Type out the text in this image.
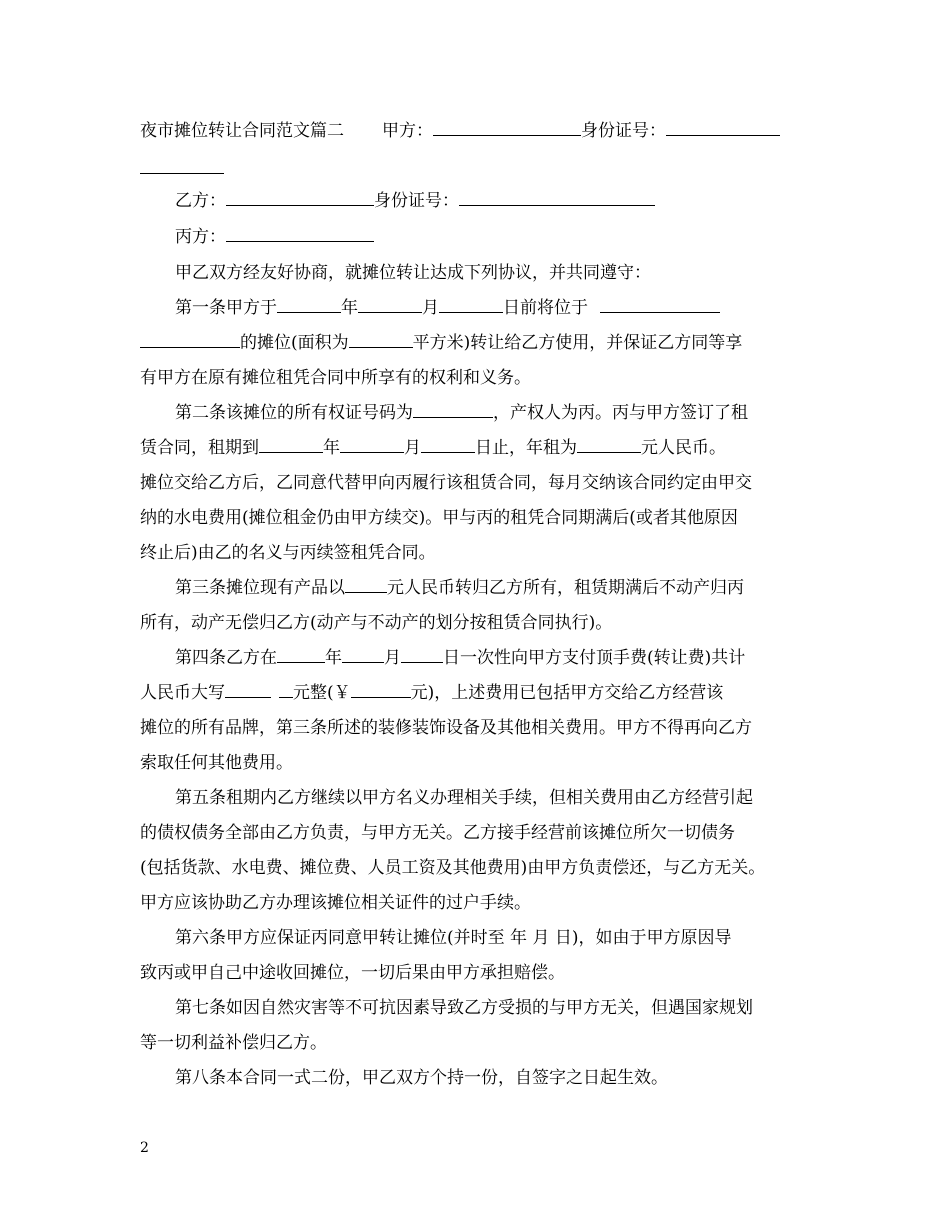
夜市摊位转让合同范文篇二 甲方：	身份证号：
乙方：	身份证号：
丙方：
甲乙双方经友好协商，就摊位转让达成下列协议，并共同遵守：
第一条甲方于	年	月	日前将位于
的摊位(面积为	平方米)转让给乙方使用，并保证乙方同等享
有甲方在原有摊位租凭合同中所享有的权利和义务。
第二条该摊位的所有权证号码为	，产权人为丙。丙与甲方签订了租
赁合同，租期到	年	月	日止，年租为	元人民币。
摊位交给乙方后，乙同意代替甲向丙履行该租赁合同，每月交纳该合同约定由甲交
纳的水电费用(摊位租金仍由甲方续交)。甲与丙的租凭合同期满后(或者其他原因
终止后)由乙的名义与丙续签租凭合同。
第三条摊位现有产品以 元人民币转归乙方所有，租赁期满后不动产归丙
所有，动产无偿归乙方(动产与不动产的划分按租赁合同执行)。
第四条乙方在	年 月 日一次性向甲方支付顶手费(转让费)共计
人民币大写	元整(￥	元)，上述费用已包括甲方交给乙方经营该
摊位的所有品牌，第三条所述的装修装饰设备及其他相关费用。甲方不得再向乙方
索取任何其他费用。
第五条租期内乙方继续以甲方名义办理相关手续，但相关费用由乙方经营引起
的债权债务全部由乙方负责，与甲方无关。乙方接手经营前该摊位所欠一切债务
(包括货款、水电费、摊位费、人员工资及其他费用)由甲方负责偿还，与乙方无关。
甲方应该协助乙方办理该摊位相关证件的过户手续。
第六条甲方应保证丙同意甲转让摊位(并时至 年 月 日)，如由于甲方原因导
致丙或甲自己中途收回摊位，一切后果由甲方承担赔偿。
第七条如因自然灾害等不可抗因素导致乙方受损的与甲方无关，但遇国家规划
等一切利益补偿归乙方。
第八条本合同一式二份，甲乙双方个持一份，自签字之日起生效。
2
